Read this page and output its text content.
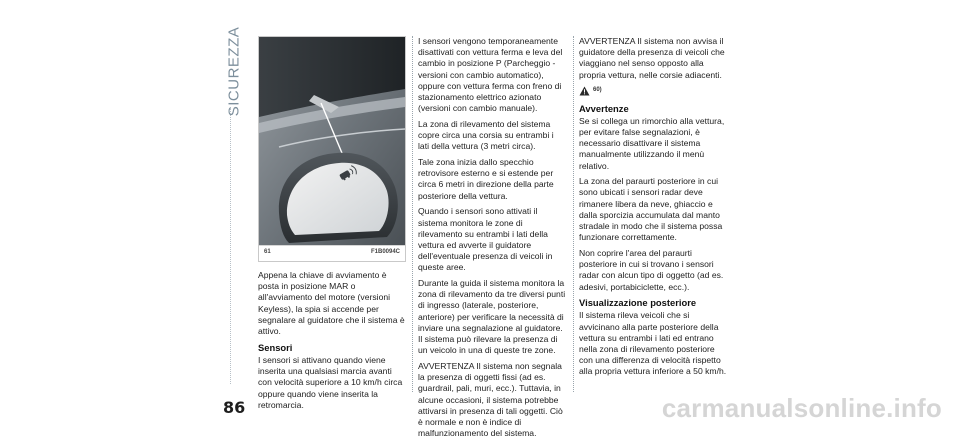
SICUREZZA
61	F1B0094C

Appena la chiave di avviamento è posta in posizione MAR o all'avviamento del motore (versioni Keyless), la spia si accende per segnalare al guidatore che il sistema è attivo.

Sensori

I sensori si attivano quando viene inserita una qualsiasi marcia avanti con velocità superiore a 10 km/h circa oppure quando viene inserita la retromarcia.

I sensori vengono temporaneamente disattivati con vettura ferma e leva del cambio in posizione P (Parcheggio - versioni con cambio automatico), oppure con vettura ferma con freno di stazionamento elettrico azionato (versioni con cambio manuale).

La zona di rilevamento del sistema copre circa una corsia su entrambi i lati della vettura (3 metri circa).

Tale zona inizia dallo specchio retrovisore esterno e si estende per circa 6 metri in direzione della parte posteriore della vettura.

Quando i sensori sono attivati il sistema monitora le zone di rilevamento su entrambi i lati della vettura ed avverte il guidatore dell'eventuale presenza di veicoli in queste aree.

Durante la guida il sistema monitora la zona di rilevamento da tre diversi punti di ingresso (laterale, posteriore, anteriore) per verificare la necessità di inviare una segnalazione al guidatore. Il sistema può rilevare la presenza di un veicolo in una di queste tre zone.

AVVERTENZA Il sistema non segnala la presenza di oggetti fissi (ad es. guardrail, pali, muri, ecc.). Tuttavia, in alcune occasioni, il sistema potrebbe attivarsi in presenza di tali oggetti. Ciò è normale e non è indice di malfunzionamento del sistema.

AVVERTENZA Il sistema non avvisa il guidatore della presenza di veicoli che viaggiano nel senso opposto alla propria vettura, nelle corsie adiacenti.

60)
Avvertenze

Se si collega un rimorchio alla vettura, per evitare false segnalazioni, è necessario disattivare il sistema manualmente utilizzando il menù relativo.

La zona del paraurti posteriore in cui sono ubicati i sensori radar deve rimanere libera da neve, ghiaccio e dalla sporcizia accumulata dal manto stradale in modo che il sistema possa funzionare correttamente.

Non coprire l'area del paraurti posteriore in cui si trovano i sensori radar con alcun tipo di oggetto (ad es. adesivi, portabiciclette, ecc.).

Visualizzazione posteriore

Il sistema rileva veicoli che si avvicinano alla parte posteriore della vettura su entrambi i lati ed entrano nella zona di rilevamento posteriore con una differenza di velocità rispetto alla propria vettura inferiore a 50 km/h.

86	carmanualsonline.info
